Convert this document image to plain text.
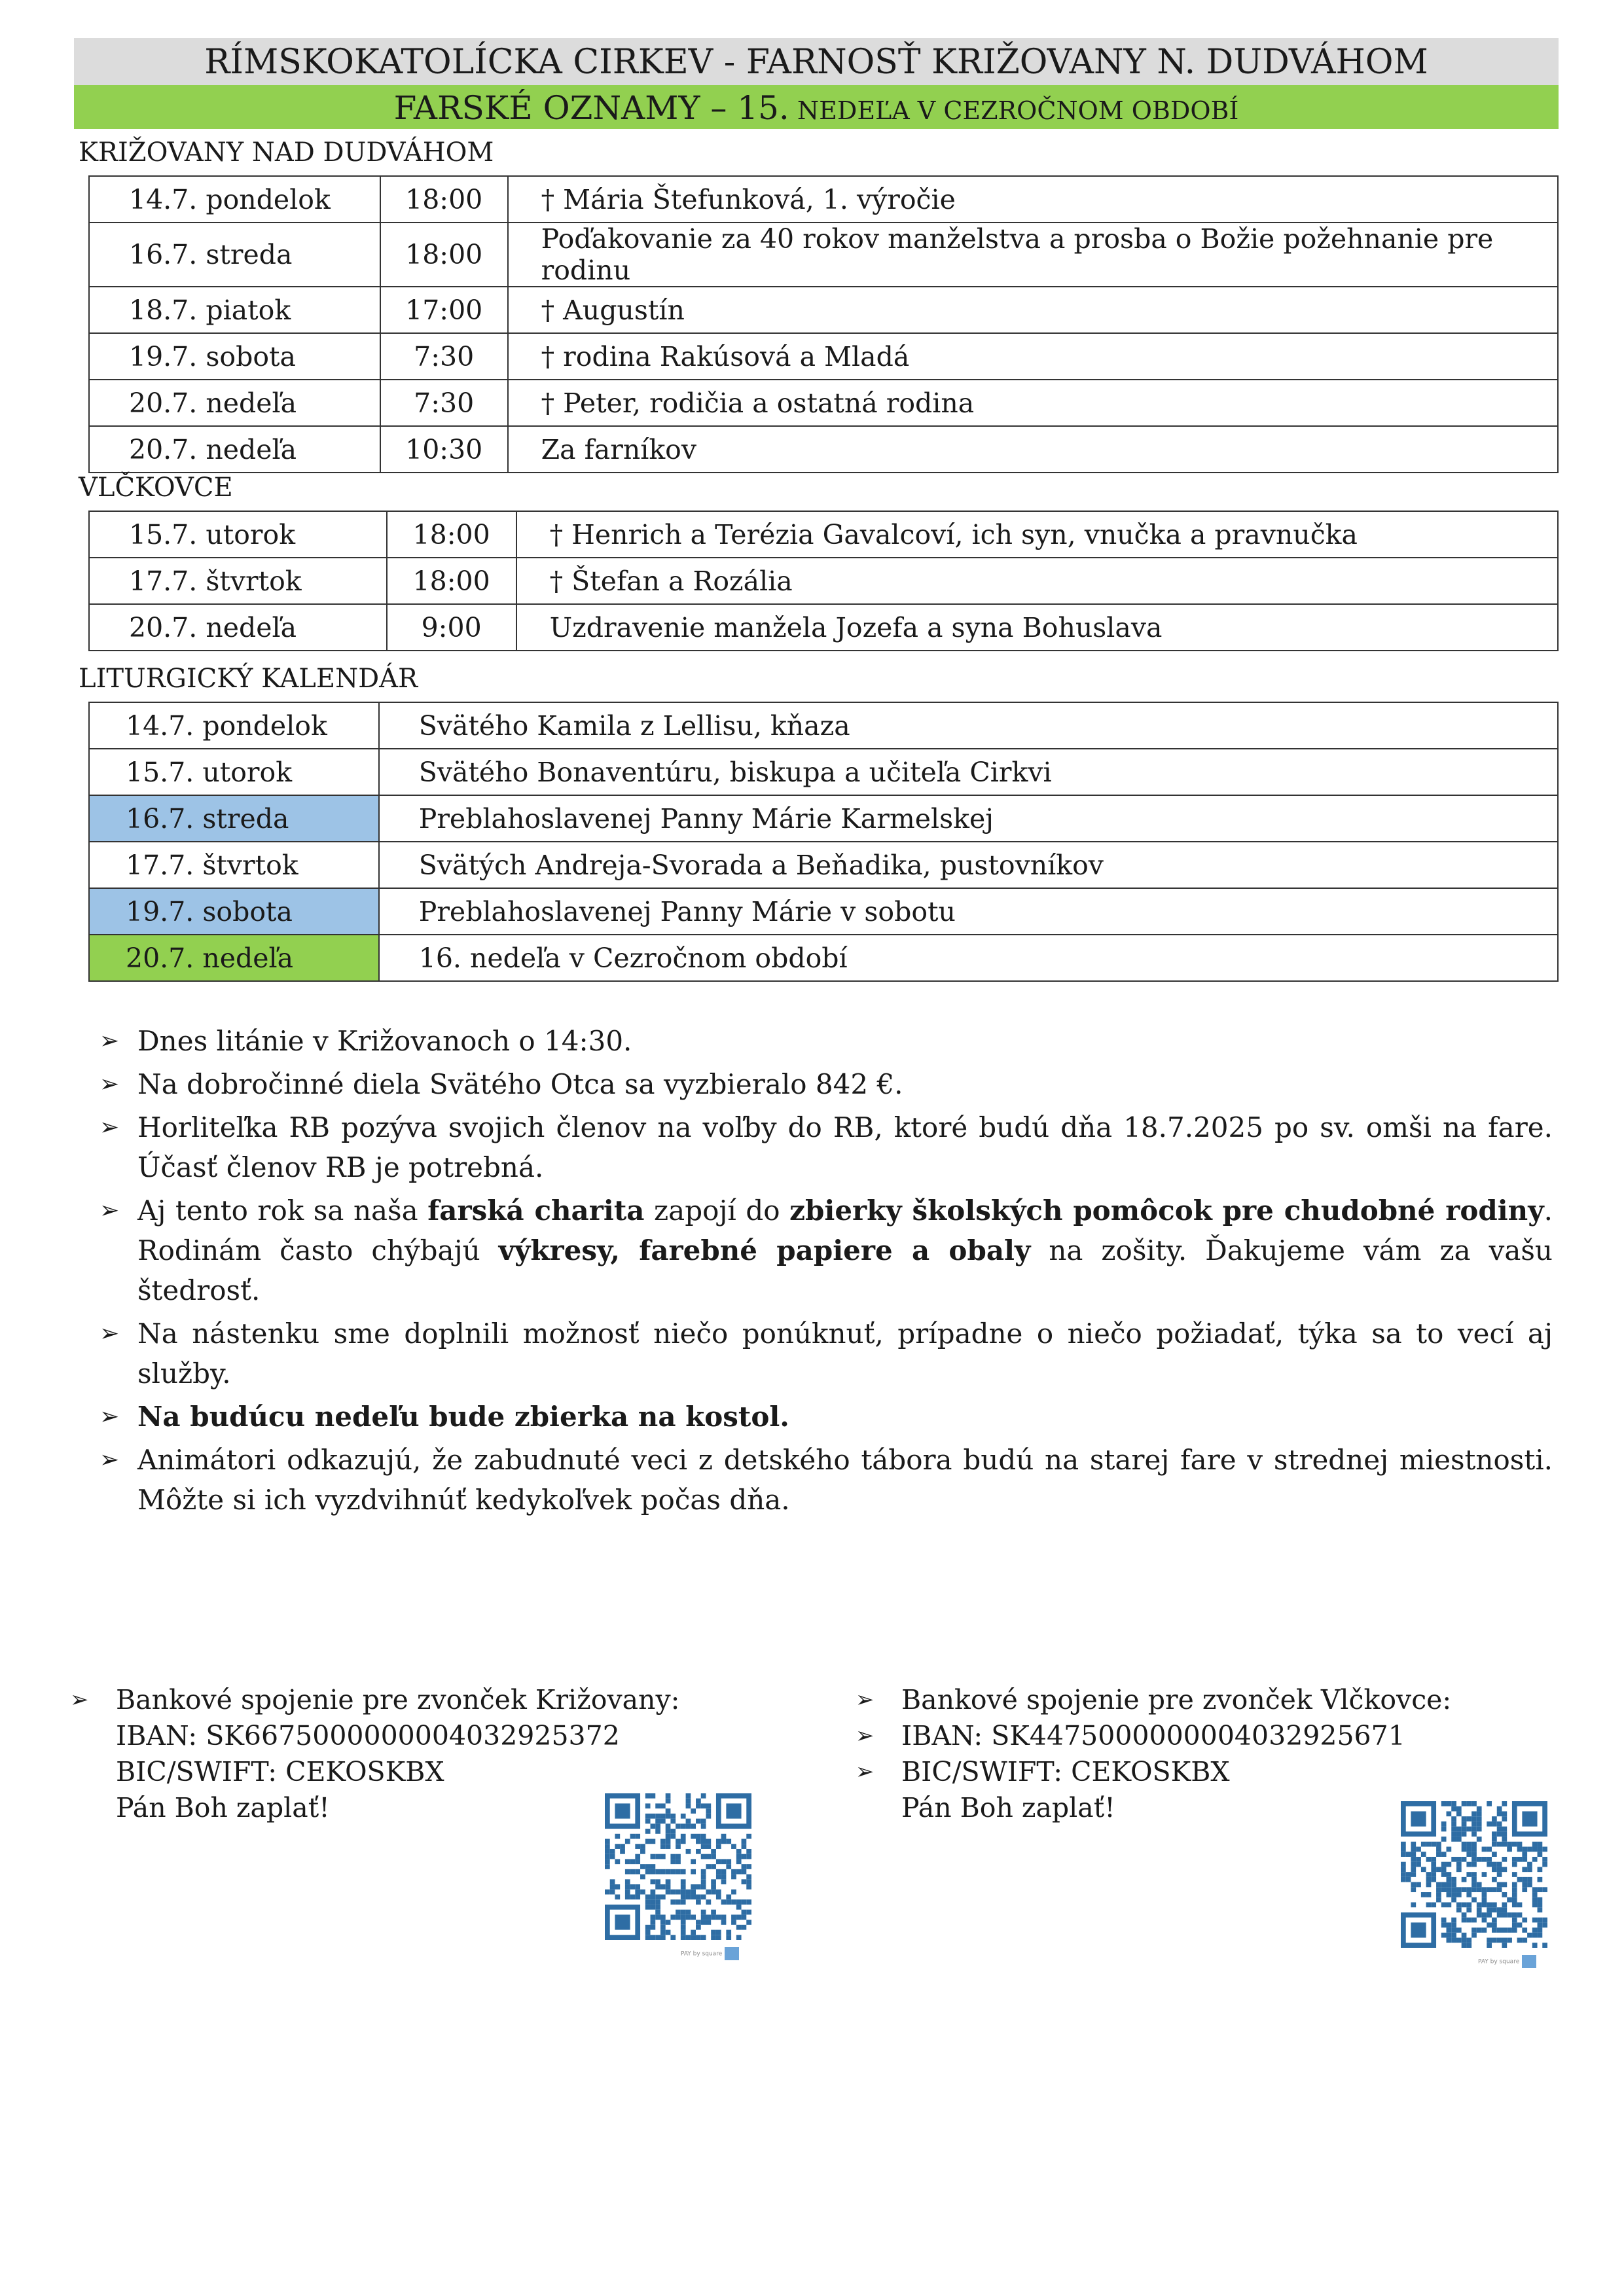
RÍMSKOKATOLÍCKA CIRKEV - FARNOSŤ KRIŽOVANY N. DUDVÁHOM
FARSKÉ OZNAMY – 15. NEDEĽA V CEZROČNOM OBDOBÍ
KRIŽOVANY NAD DUDVÁHOM
14.7. pondelok	18:00	† Mária Štefunková, 1. výročie
16.7. streda	18:00	Poďakovanie za 40 rokov manželstva a prosba o Božie požehnanie pre rodinu
18.7. piatok	17:00	† Augustín
19.7. sobota	7:30	† rodina Rakúsová a Mladá
20.7. nedeľa	7:30	† Peter, rodičia a ostatná rodina
20.7. nedeľa	10:30	Za farníkov
VLČKOVCE
15.7. utorok	18:00	† Henrich a Terézia Gavalcoví, ich syn, vnučka a pravnučka
17.7. štvrtok	18:00	† Štefan a Rozália
20.7. nedeľa	9:00	Uzdravenie manžela Jozefa a syna Bohuslava
LITURGICKÝ KALENDÁR
14.7. pondelok	Svätého Kamila z Lellisu, kňaza
15.7. utorok	Svätého Bonaventúru, biskupa a učiteľa Cirkvi
16.7. streda	Preblahoslavenej Panny Márie Karmelskej
17.7. štvrtok	Svätých Andreja-Svorada a Beňadika, pustovníkov
19.7. sobota	Preblahoslavenej Panny Márie v sobotu
20.7. nedeľa	16. nedeľa v Cezročnom období
➢ Dnes litánie v Križovanoch o 14:30.
➢ Na dobročinné diela Svätého Otca sa vyzbieralo 842 €.
➢ Horliteľka RB pozýva svojich členov na voľby do RB, ktoré budú dňa 18.7.2025 po sv. omši na fare. Účasť členov RB je potrebná.
➢ Aj tento rok sa naša farská charita zapojí do zbierky školských pomôcok pre chudobné rodiny. Rodinám často chýbajú výkresy, farebné papiere a obaly na zošity. Ďakujeme vám za vašu štedrosť.
➢ Na nástenku sme doplnili možnosť niečo ponúknuť, prípadne o niečo požiadať, týka sa to vecí aj služby.
➢ Na budúcu nedeľu bude zbierka na kostol.
➢ Animátori odkazujú, že zabudnuté veci z detského tábora budú na starej fare v strednej miestnosti. Môžte si ich vyzdvihnúť kedykoľvek počas dňa.
➢ Bankové spojenie pre zvonček Križovany:
IBAN: SK6675000000004032925372
BIC/SWIFT: CEKOSKBX
Pán Boh zaplať!
➢ Bankové spojenie pre zvonček Vlčkovce:
➢ IBAN: SK4475000000004032925671
➢ BIC/SWIFT: CEKOSKBX
Pán Boh zaplať!
PAY by square
PAY by square
